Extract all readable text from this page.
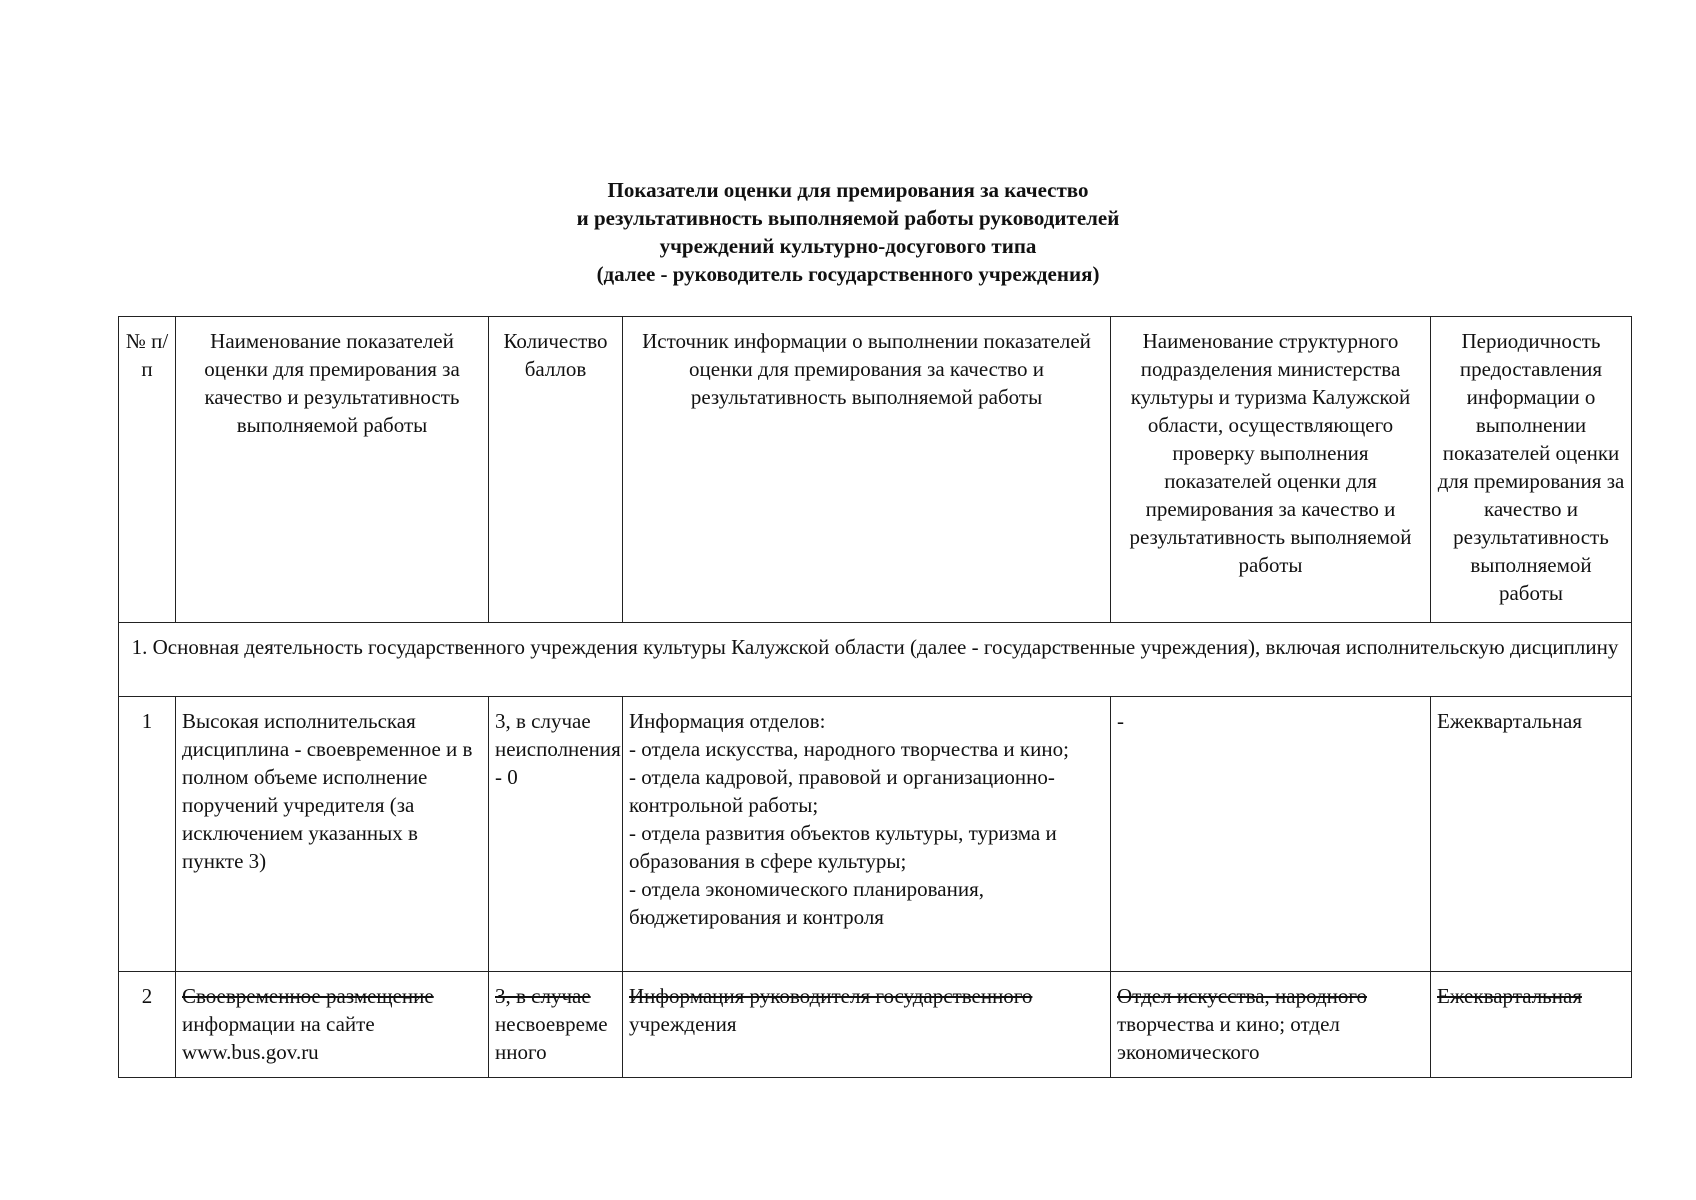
Показатели оценки для премирования за качество
и результативность выполняемой работы руководителей
учреждений культурно-досугового типа
(далее - руководитель государственного учреждения)
№ п/п	Наименование показателей оценки для премирования за качество и результативность выполняемой работы	Количество баллов	Источник информации о выполнении показателей оценки для премирования за качество и результативность выполняемой работы	Наименование структурного подразделения министерства культуры и туризма Калужской области, осуществляющего проверку выполнения показателей оценки для премирования за качество и результативность выполняемой работы	Периодичность предоставления информации о выполнении показателей оценки для премирования за качество и результативность выполняемой работы
1. Основная деятельность государственного учреждения культуры Калужской области (далее - государственные учреждения), включая исполнительскую дисциплину					
1	Высокая исполнительская дисциплина - своевременное и в полном объеме исполнение поручений учредителя (за исключением указанных в пункте 3)	3, в случае неисполнения - 0	Информация отделов:
- отдела искусства, народного творчества и кино;
- отдела кадровой, правовой и организационно-контрольной работы;
- отдела развития объектов культуры, туризма и образования в сфере культуры;
- отдела экономического планирования, бюджетирования и контроля	-	Ежеквартальная
2	Своевременное размещение
информации на сайте www.bus.gov.ru	3, в случае
несвоевременного	Информация руководителя государственного
учреждения	Отдел искусства, народного
творчества и кино; отдел экономического	Ежеквартальная
